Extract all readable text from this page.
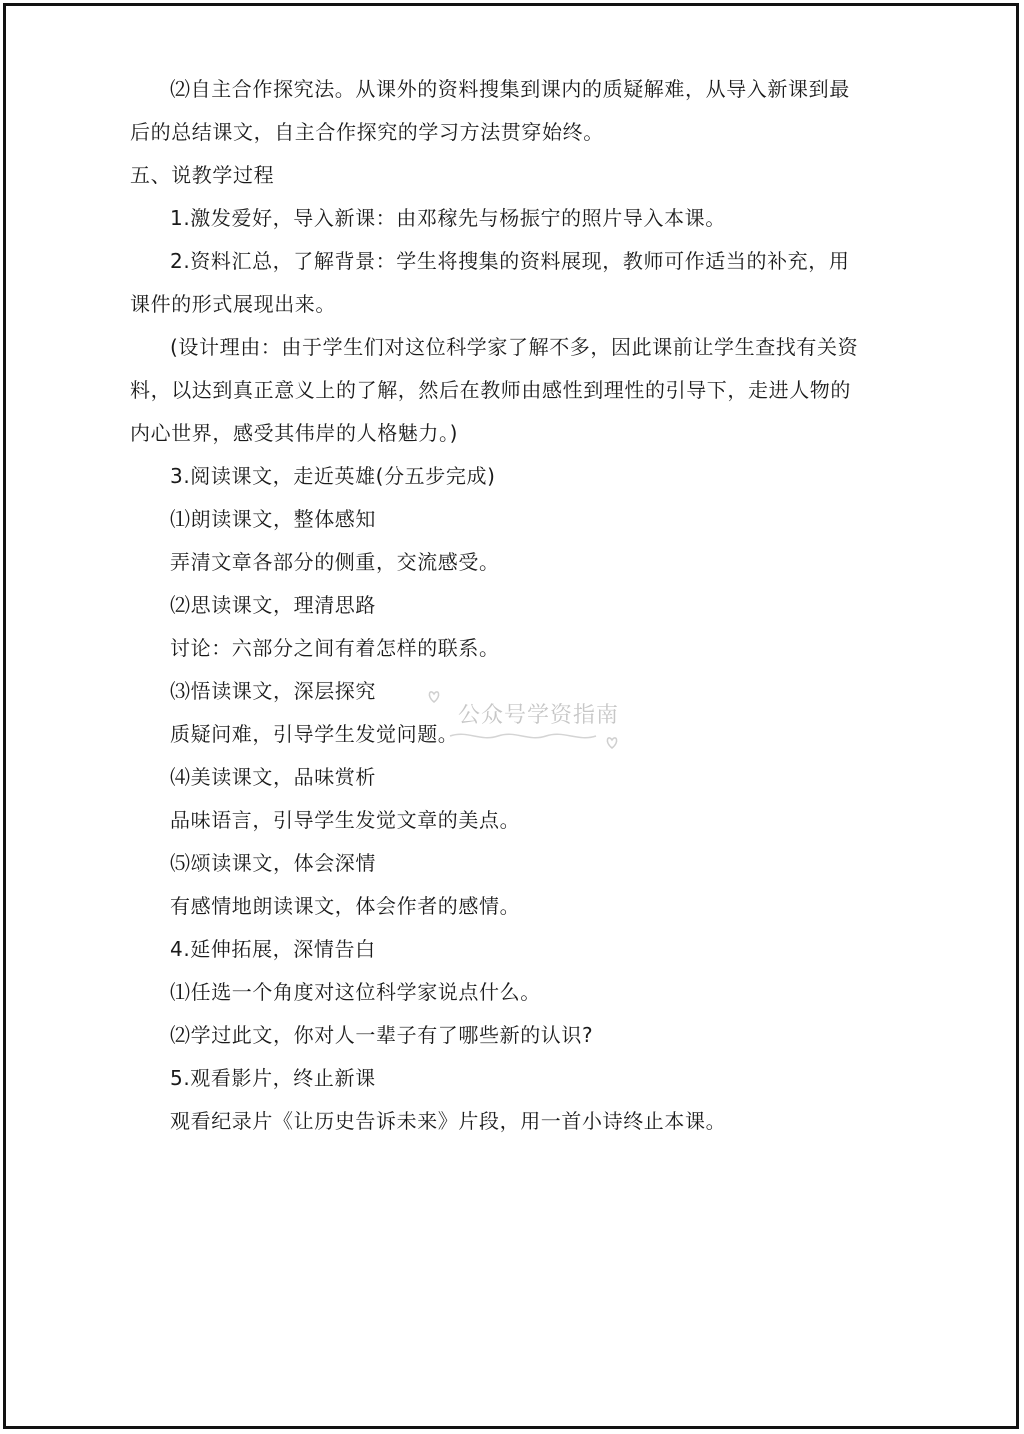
⑵自主合作探究法。从课外的资料搜集到课内的质疑解难，从导入新课到最
后的总结课文，自主合作探究的学习方法贯穿始终。
五、说教学过程
1.激发爱好，导入新课：由邓稼先与杨振宁的照片导入本课。
2.资料汇总，了解背景：学生将搜集的资料展现，教师可作适当的补充，用
课件的形式展现出来。
(设计理由：由于学生们对这位科学家了解不多，因此课前让学生查找有关资
料，以达到真正意义上的了解，然后在教师由感性到理性的引导下，走进人物的
内心世界，感受其伟岸的人格魅力。)
3.阅读课文，走近英雄(分五步完成)
⑴朗读课文，整体感知
弄清文章各部分的侧重，交流感受。
⑵思读课文，理清思路
讨论：六部分之间有着怎样的联系。
⑶悟读课文，深层探究
质疑问难，引导学生发觉问题。
⑷美读课文，品味赏析
品味语言，引导学生发觉文章的美点。
⑸颂读课文，体会深情
有感情地朗读课文，体会作者的感情。
4.延伸拓展，深情告白
⑴任选一个角度对这位科学家说点什么。
⑵学过此文，你对人一辈子有了哪些新的认识?
5.观看影片，终止新课
观看纪录片《让历史告诉未来》片段，用一首小诗终止本课。
公众号学资指南
